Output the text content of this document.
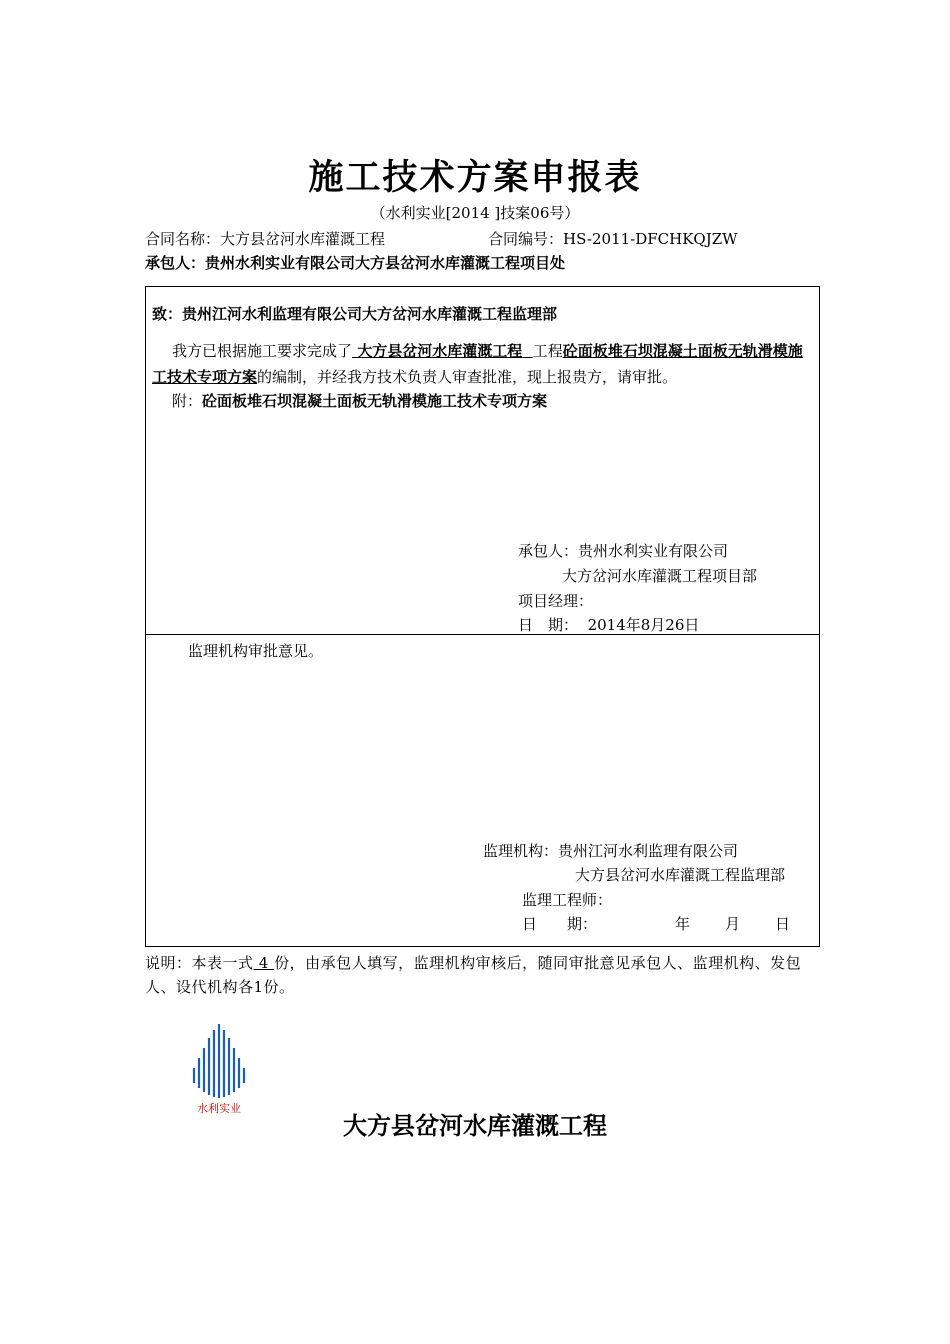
施工技术方案申报表
（水利实业[2014 ]技案06号）
合同名称：大方县岔河水库灌溉工程	合同编号：HS-2011-DFCHKQJZW
承包人：贵州水利实业有限公司大方县岔河水库灌溉工程项目处
致：贵州江河水利监理有限公司大方岔河水库灌溉工程监理部
我方已根据施工要求完成了 大方县岔河水库灌溉工程 工程砼面板堆石坝混凝土面板无轨滑模施工技术专项方案的编制，并经我方技术负责人审查批准，现上报贵方，请审批。
附：砼面板堆石坝混凝土面板无轨滑模施工技术专项方案
承包人：贵州水利实业有限公司
大方岔河水库灌溉工程项目部
项目经理：
日　期： 2014年8月26日
监理机构审批意见。
监理机构：贵州江河水利监理有限公司
大方县岔河水库灌溉工程监理部
监理工程师：
日　　期：	年 月 日
说明：本表一式 4 份，由承包人填写，监理机构审核后，随同审批意见承包人、监理机构、发包人、设代机构各1份。
水利实业
大方县岔河水库灌溉工程
